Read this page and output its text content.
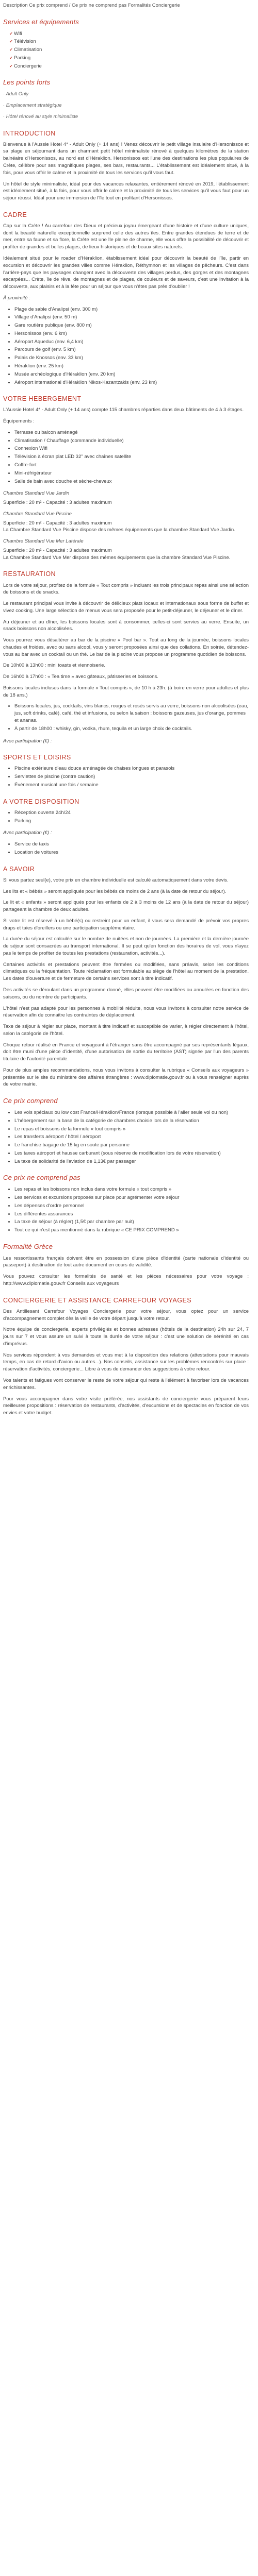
Description Ce prix comprend / Ce prix ne comprend pas Formalités Conciergerie

Services et équipements
✔ Wifi
✔ Télévision
✔ Climatisation
✔ Parking
✔ Conciergerie
Les points forts

· Adult Only

· Emplacement stratégique

· Hôtel rénové au style minimaliste

INTRODUCTION

Bienvenue à l'Aussie Hotel 4* - Adult Only (+ 14 ans) ! Venez découvrir le petit village insulaire d'Hersonissos et sa plage en séjournant dans un charmant petit hôtel minimaliste rénové à quelques kilomètres de la station balnéaire d'Hersonissos, au nord est d'Héraklion. Hersonissos est l'une des destinations les plus populaires de Crète, célèbre pour ses magnifiques plages, ses bars, restaurants... L'établissement est idéalement situé, à la fois, pour vous offrir le calme et la proximité de tous les services qu'il vous faut.

Un hôtel de style minimaliste, idéal pour des vacances relaxantes, entièrement rénové en 2019, l'établissement est idéalement situé, à la fois, pour vous offrir le calme et la proximité de tous les services qu'il vous faut pour un séjour réussi. Idéal pour une immersion de l'île tout en profitant d'Hersonissos.

CADRE

Cap sur la Crète ! Au carrefour des Dieux et précieux joyau émergeant d'une histoire et d'une culture uniques, dont la beauté naturelle exceptionnelle surprend celle des autres îles. Entre grandes étendues de terre et de mer, entre sa faune et sa flore, la Crète est une île pleine de charme, elle vous offre la possibilité de découvrir et profiter de grandes et belles plages, de lieux historiques et de beaux sites naturels.

Idéalement situé pour le roader d'Héraklion, établissement idéal pour découvrir la beauté de l'île, partir en excursion et découvrir les grandes villes comme Héraklion, Réthymnon et les villages de pêcheurs. C'est dans l'arrière-pays que les paysages changent avec la découverte des villages perdus, des gorges et des montagnes escarpées... Crète, île de rêve, de montagnes et de plages, de couleurs et de saveurs, c'est une invitation à la découverte, aux plaisirs et à la fête pour un séjour que vous n'êtes pas près d'oublier !

À proximité :

• Plage de sable d'Analipsi (env. 300 m)
• Village d'Analipsi (env. 50 m)
• Gare routière publique (env. 800 m)
• Hersonissos (env. 6 km)
• Aéroport Aqueduc (env. 6,4 km)
• Parcours de golf (env. 5 km)
• Palais de Knossos (env. 33 km)
• Héraklion (env. 25 km)
• Musée archéologique d'Héraklion (env. 20 km)
• Aéroport international d'Héraklion Nikos-Kazantzakis (env. 23 km)
VOTRE HEBERGEMENT

L'Aussie Hotel 4* - Adult Only (+ 14 ans) compte 115 chambres réparties dans deux bâtiments de 4 à 3 étages.

Équipements :

• Terrasse ou balcon aménagé
• Climatisation / Chauffage (commande individuelle)
• Connexion Wifi
• Télévision à écran plat LED 32" avec chaînes satellite
• Coffre-fort
• Mini-réfrigérateur
• Salle de bain avec douche et sèche-cheveux
Chambre Standard Vue Jardin
Superficie : 20 m² - Capacité : 3 adultes maximum
Chambre Standard Vue Piscine
Superficie : 20 m² - Capacité : 3 adultes maximum
La Chambre Standard Vue Piscine dispose des mêmes équipements que la chambre Standard Vue Jardin.
Chambre Standard Vue Mer Latérale
Superficie : 20 m² - Capacité : 3 adultes maximum
La Chambre Standard Vue Mer dispose des mêmes équipements que la chambre Standard Vue Piscine.
RESTAURATION

Lors de votre séjour, profitez de la formule « Tout compris » incluant les trois principaux repas ainsi une sélection de boissons et de snacks.

Le restaurant principal vous invite à découvrir de délicieux plats locaux et internationaux sous forme de buffet et vivez cooking. Une large sélection de menus vous sera proposée pour le petit-déjeuner, le déjeuner et le dîner.

Au déjeuner et au dîner, les boissons locales sont à consommer, celles-ci sont servies au verre. Ensuite, un snack boissons non alcoolisées.

Vous pourrez vous désaltérer au bar de la piscine « Pool bar ». Tout au long de la journée, boissons locales chaudes et froides, avec ou sans alcool, vous y seront proposées ainsi que des collations. En soirée, détendez-vous au bar avec un cocktail ou un thé. Le bar de la piscine vous propose un programme quotidien de boissons.

De 10h00 à 13h00 : mini toasts et viennoiserie.

De 16h00 à 17h00 : « Tea time » avec gâteaux, pâtisseries et boissons.

Boissons locales incluses dans la formule « Tout compris », de 10 h à 23h. (à boire en verre pour adultes et plus de 18 ans.)

• Boissons locales, jus, cocktails, vins blancs, rouges et rosés servis au verre, boissons non alcoolisées (eau, jus, soft drinks, café), café, thé et infusions, ou selon la saison : boissons gazeuses, jus d'orange, pommes et ananas.
• À partir de 18h00 : whisky, gin, vodka, rhum, tequila et un large choix de cocktails.

Avec participation (€) :

SPORTS ET LOISIRS
• Piscine extérieure d'eau douce aménagée de chaises longues et parasols
• Serviettes de piscine (contre caution)
• Événement musical une fois / semaine
A VOTRE DISPOSITION
• Réception ouverte 24h/24
• Parking

Avec participation (€) :

• Service de taxis
• Location de voitures
A SAVOIR

Si vous partez seul(e), votre prix en chambre individuelle est calculé automatiquement dans votre devis.

Les lits et « bébés » seront appliqués pour les bébés de moins de 2 ans (à la date de retour du séjour).

Le lit et « enfants » seront appliqués pour les enfants de 2 à 3 moins de 12 ans (à la date de retour du séjour) partageant la chambre de deux adultes.

Si votre lit est réservé à un bébé(s) ou restreint pour un enfant, il vous sera demandé de prévoir vos propres draps et taies d'oreillers ou une participation supplémentaire.

La durée du séjour est calculée sur le nombre de nuitées et non de journées. La première et la dernière journée de séjour sont consacrées au transport international. Il se peut qu'en fonction des horaires de vol, vous n'ayez pas le temps de profiter de toutes les prestations (restauration, activités...).

Certaines activités et prestations peuvent être fermées ou modifiées, sans préavis, selon les conditions climatiques ou la fréquentation. Toute réclamation est formulable au siège de l'hôtel au moment de la prestation. Les dates d'ouverture et de fermeture de certains services sont à titre indicatif.

Des activités se déroulant dans un programme donné, elles peuvent être modifiées ou annulées en fonction des saisons, ou du nombre de participants.

L'hôtel n'est pas adapté pour les personnes à mobilité réduite, nous vous invitons à consulter notre service de réservation afin de connaitre les contraintes de déplacement.

Taxe de séjour à régler sur place, montant à titre indicatif et susceptible de varier, à régler directement à l'hôtel, selon la catégorie de l'hôtel.

Choque retour réalisé en France et voyageant à l'étranger sans être accompagné par ses représentants légaux, doit être muni d'une pièce d'identité, d'une autorisation de sortie du territoire (AST) signée par l'un des parents titulaire de l'autorité parentale.

Pour de plus amples recommandations, nous vous invitons à consulter la rubrique « Conseils aux voyageurs » présentée sur le site du ministère des affaires étrangères : www.diplomatie.gouv.fr ou à vous renseigner auprès de votre mairie.

Ce prix comprend
• Les vols spéciaux ou low cost France/Héraklion/France (lorsque possible à l'aller seule vol ou non)
• L'hébergement sur la base de la catégorie de chambres choisie lors de la réservation
• Le repas et boissons de la formule « tout compris »
• Les transferts aéroport / hôtel / aéroport
• Le franchise bagage de 15 kg en soute par personne
• Les taxes aéroport et hausse carburant (sous réserve de modification lors de votre réservation)
• La taxe de solidarité de l'aviation de 1,13€ par passager
Ce prix ne comprend pas
• Les repas et les boissons non inclus dans votre formule « tout compris »
• Les services et excursions proposés sur place pour agrémenter votre séjour
• Les dépenses d'ordre personnel
• Les différentes assurances
• La taxe de séjour (à régler) (1,5€ par chambre par nuit)
• Tout ce qui n'est pas mentionné dans la rubrique « CE PRIX COMPREND »
Formalité Grèce

Les ressortissants français doivent être en possession d'une pièce d'identité (carte nationale d'identité ou passeport) à destination de tout autre document en cours de validité.

Vous pouvez consulter les formalités de santé et les pièces nécessaires pour votre voyage : http://www.diplomatie.gouv.fr Conseils aux voyageurs

CONCIERGERIE ET ASSISTANCE CARREFOUR VOYAGES

Des Antillesant Carrefour Voyages Conciergerie pour votre séjour, vous optez pour un service d'accompagnement complet dès la veille de votre départ jusqu'à votre retour.

Notre équipe de conciergerie, experts privilégiés et bonnes adresses (hôtels de la destination) 24h sur 24, 7 jours sur 7 et vous assure un suivi à toute la durée de votre séjour : c'est une solution de sérénité en cas d'imprévus.

Nos services répondent à vos demandes et vous met à la disposition des relations (attestations pour mauvais temps, en cas de retard d'avion ou autres...). Nos conseils, assistance sur les problèmes rencontrés sur place : réservation d'activités, conciergerie... Libre à vous de demander des suggestions à votre retour.

Vos talents et fatigues vont conserver le reste de votre séjour qui reste à l'élément à favoriser lors de vacances enrichissantes.

Pour vous accompagner dans votre visite préférée, nos assistants de conciergerie vous préparent leurs meilleures propositions : réservation de restaurants, d'activités, d'excursions et de spectacles en fonction de vos envies et votre budget.
